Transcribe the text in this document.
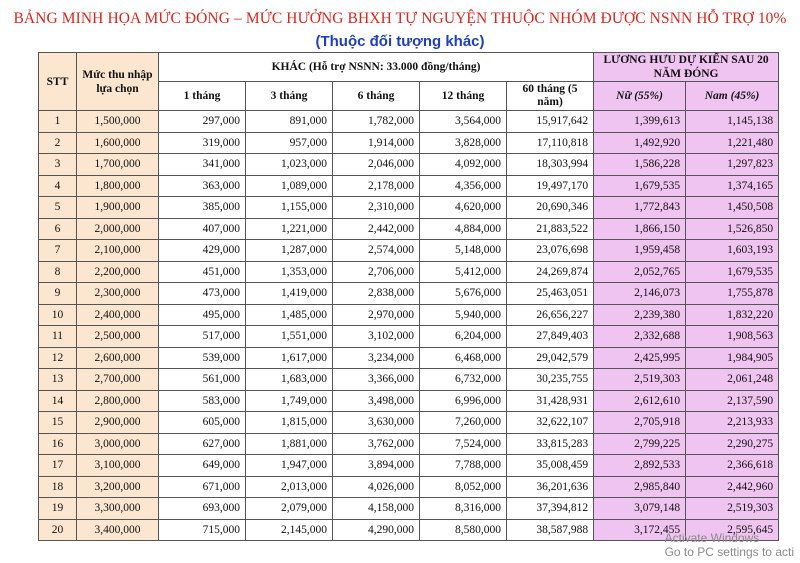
BẢNG MINH HỌA MỨC ĐÓNG – MỨC HƯỞNG BHXH TỰ NGUYỆN THUỘC NHÓM ĐƯỢC NSNN HỖ TRỢ 10%
(Thuộc đối tượng khác)
STT	Mức thu nhập lựa chọn	KHÁC (Hỗ trợ NSNN: 33.000 đồng/tháng)					LƯƠNG HƯU DỰ KIẾN SAU 20 NĂM ĐÓNG	
		1 tháng	3 tháng	6 tháng	12 tháng	60 tháng (5 năm)	Nữ (55%)	Nam (45%)
1	1,500,000	297,000	891,000	1,782,000	3,564,000	15,917,642	1,399,613	1,145,138
2	1,600,000	319,000	957,000	1,914,000	3,828,000	17,110,818	1,492,920	1,221,480
3	1,700,000	341,000	1,023,000	2,046,000	4,092,000	18,303,994	1,586,228	1,297,823
4	1,800,000	363,000	1,089,000	2,178,000	4,356,000	19,497,170	1,679,535	1,374,165
5	1,900,000	385,000	1,155,000	2,310,000	4,620,000	20,690,346	1,772,843	1,450,508
6	2,000,000	407,000	1,221,000	2,442,000	4,884,000	21,883,522	1,866,150	1,526,850
7	2,100,000	429,000	1,287,000	2,574,000	5,148,000	23,076,698	1,959,458	1,603,193
8	2,200,000	451,000	1,353,000	2,706,000	5,412,000	24,269,874	2,052,765	1,679,535
9	2,300,000	473,000	1,419,000	2,838,000	5,676,000	25,463,051	2,146,073	1,755,878
10	2,400,000	495,000	1,485,000	2,970,000	5,940,000	26,656,227	2,239,380	1,832,220
11	2,500,000	517,000	1,551,000	3,102,000	6,204,000	27,849,403	2,332,688	1,908,563
12	2,600,000	539,000	1,617,000	3,234,000	6,468,000	29,042,579	2,425,995	1,984,905
13	2,700,000	561,000	1,683,000	3,366,000	6,732,000	30,235,755	2,519,303	2,061,248
14	2,800,000	583,000	1,749,000	3,498,000	6,996,000	31,428,931	2,612,610	2,137,590
15	2,900,000	605,000	1,815,000	3,630,000	7,260,000	32,622,107	2,705,918	2,213,933
16	3,000,000	627,000	1,881,000	3,762,000	7,524,000	33,815,283	2,799,225	2,290,275
17	3,100,000	649,000	1,947,000	3,894,000	7,788,000	35,008,459	2,892,533	2,366,618
18	3,200,000	671,000	2,013,000	4,026,000	8,052,000	36,201,636	2,985,840	2,442,960
19	3,300,000	693,000	2,079,000	4,158,000	8,316,000	37,394,812	3,079,148	2,519,303
20	3,400,000	715,000	2,145,000	4,290,000	8,580,000	38,587,988	3,172,455	2,595,645
Activate Windows
Go to PC settings to acti
